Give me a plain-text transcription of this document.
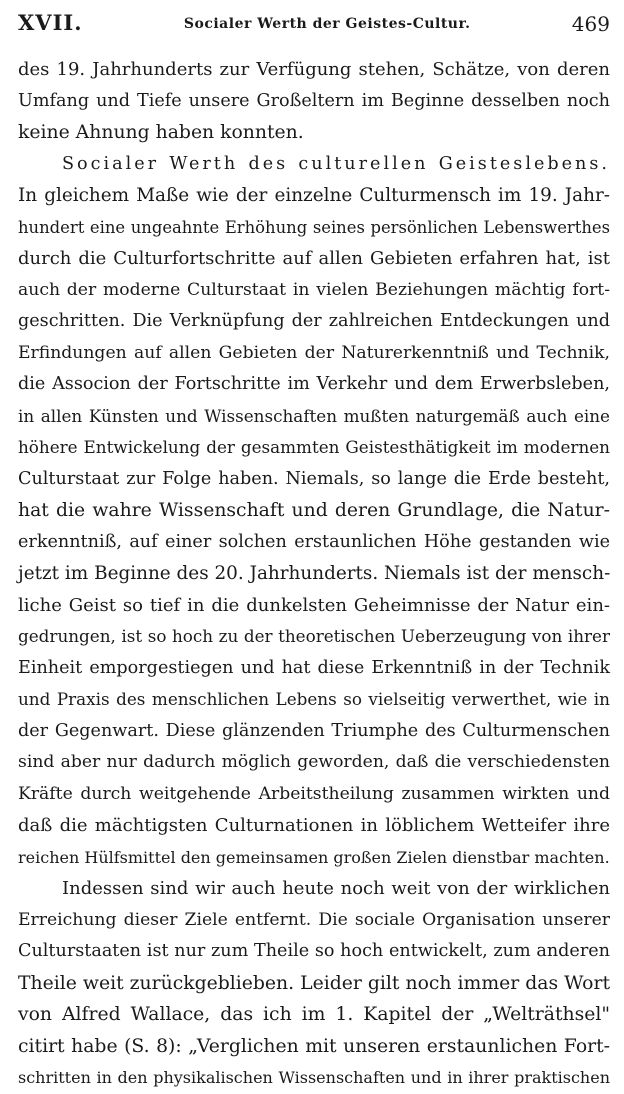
XVII.	Socialer Werth der Geistes-Cultur.	469
des 19. Jahrhunderts zur Verfügung stehen, Schätze, von deren
Umfang und Tiefe unsere Großeltern im Beginne desselben noch
keine Ahnung haben konnten.
Socialer Werth des culturellen Geisteslebens.
In gleichem Maße wie der einzelne Culturmensch im 19. Jahr-
hundert eine ungeahnte Erhöhung seines persönlichen Lebenswerthes
durch die Culturfortschritte auf allen Gebieten erfahren hat, ist
auch der moderne Culturstaat in vielen Beziehungen mächtig fort-
geschritten. Die Verknüpfung der zahlreichen Entdeckungen und
Erfindungen auf allen Gebieten der Naturerkenntniß und Technik,
die Associon der Fortschritte im Verkehr und dem Erwerbsleben,
in allen Künsten und Wissenschaften mußten naturgemäß auch eine
höhere Entwickelung der gesammten Geistesthätigkeit im modernen
Culturstaat zur Folge haben. Niemals, so lange die Erde besteht,
hat die wahre Wissenschaft und deren Grundlage, die Natur-
erkenntniß, auf einer solchen erstaunlichen Höhe gestanden wie
jetzt im Beginne des 20. Jahrhunderts. Niemals ist der mensch-
liche Geist so tief in die dunkelsten Geheimnisse der Natur ein-
gedrungen, ist so hoch zu der theoretischen Ueberzeugung von ihrer
Einheit emporgestiegen und hat diese Erkenntniß in der Technik
und Praxis des menschlichen Lebens so vielseitig verwerthet, wie in
der Gegenwart. Diese glänzenden Triumphe des Culturmenschen
sind aber nur dadurch möglich geworden, daß die verschiedensten
Kräfte durch weitgehende Arbeitstheilung zusammen wirkten und
daß die mächtigsten Culturnationen in löblichem Wetteifer ihre
reichen Hülfsmittel den gemeinsamen großen Zielen dienstbar machten.
Indessen sind wir auch heute noch weit von der wirklichen
Erreichung dieser Ziele entfernt. Die sociale Organisation unserer
Culturstaaten ist nur zum Theile so hoch entwickelt, zum anderen
Theile weit zurückgeblieben. Leider gilt noch immer das Wort
von Alfred Wallace, das ich im 1. Kapitel der „Welträthsel"
citirt habe (S. 8): „Verglichen mit unseren erstaunlichen Fort-
schritten in den physikalischen Wissenschaften und in ihrer praktischen
